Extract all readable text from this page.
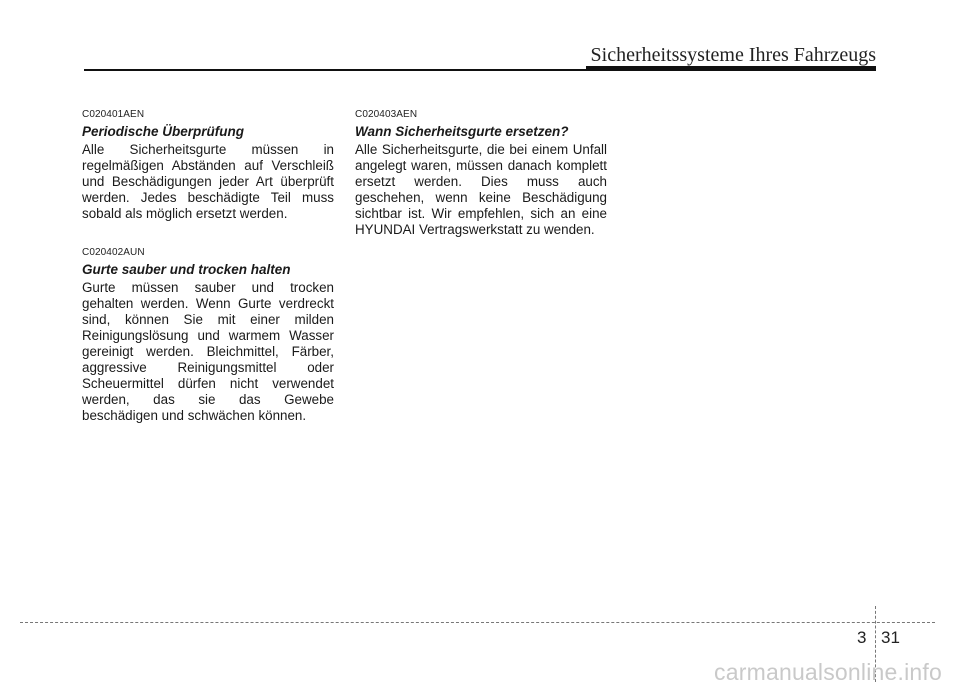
Sicherheitssysteme Ihres Fahrzeugs

C020401AEN

Periodische Überprüfung

Alle Sicherheitsgurte müssen in regelmäßigen Abständen auf Verschleiß und Beschädigungen jeder Art überprüft werden. Jedes beschädigte Teil muss sobald als möglich ersetzt werden.

C020402AUN

Gurte sauber und trocken halten

Gurte müssen sauber und trocken gehalten werden. Wenn Gurte verdreckt sind, können Sie mit einer milden Reinigungslösung und warmem Wasser gereinigt werden. Bleichmittel, Färber, aggressive Reinigungsmittel oder Scheuermittel dürfen nicht verwendet werden, das sie das Gewebe beschädigen und schwächen können.

C020403AEN

Wann Sicherheitsgurte ersetzen?

Alle Sicherheitsgurte, die bei einem Unfall angelegt waren, müssen danach komplett ersetzt werden. Dies muss auch geschehen, wenn keine Beschädigung sichtbar ist. Wir empfehlen, sich an eine HYUNDAI Vertragswerkstatt zu wenden.

3 31
carmanualsonline.info
